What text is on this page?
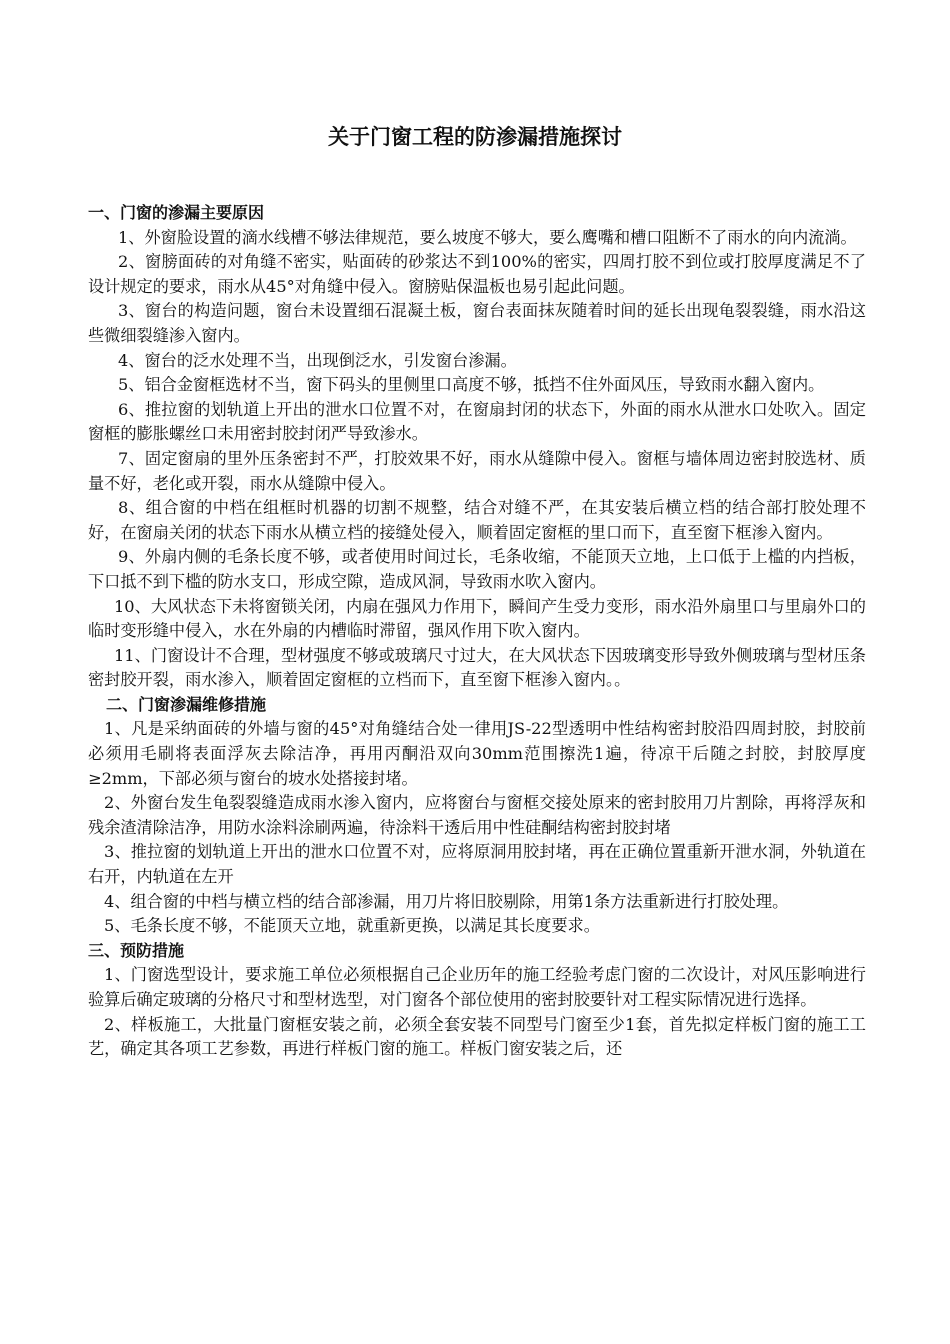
关于门窗工程的防渗漏措施探讨
一、门窗的渗漏主要原因

1、外窗脸设置的滴水线槽不够法律规范，要么坡度不够大，要么鹰嘴和槽口阻断不了雨水的向内流淌。

2、窗膀面砖的对角缝不密实，贴面砖的砂浆达不到100%的密实，四周打胶不到位或打胶厚度满足不了设计规定的要求，雨水从45°对角缝中侵入。窗膀贴保温板也易引起此问题。

3、窗台的构造问题，窗台未设置细石混凝土板，窗台表面抹灰随着时间的延长出现龟裂裂缝，雨水沿这些微细裂缝渗入窗内。

4、窗台的泛水处理不当，出现倒泛水，引发窗台渗漏。

5、铝合金窗框选材不当，窗下码头的里侧里口高度不够，抵挡不住外面风压，导致雨水翻入窗内。

6、推拉窗的划轨道上开出的泄水口位置不对，在窗扇封闭的状态下，外面的雨水从泄水口处吹入。固定窗框的膨胀螺丝口未用密封胶封闭严导致渗水。

7、固定窗扇的里外压条密封不严，打胶效果不好，雨水从缝隙中侵入。窗框与墙体周边密封胶选材、质量不好，老化或开裂，雨水从缝隙中侵入。

8、组合窗的中档在组框时机器的切割不规整，结合对缝不严，在其安装后横立档的结合部打胶处理不好，在窗扇关闭的状态下雨水从横立档的接缝处侵入，顺着固定窗框的里口而下，直至窗下框渗入窗内。

9、外扇内侧的毛条长度不够，或者使用时间过长，毛条收缩，不能顶天立地，上口低于上槛的内挡板，下口抵不到下槛的防水支口，形成空隙，造成风洞，导致雨水吹入窗内。

10、大风状态下未将窗锁关闭，内扇在强风力作用下，瞬间产生受力变形，雨水沿外扇里口与里扇外口的临时变形缝中侵入，水在外扇的内槽临时滞留，强风作用下吹入窗内。

11、门窗设计不合理，型材强度不够或玻璃尺寸过大，在大风状态下因玻璃变形导致外侧玻璃与型材压条密封胶开裂，雨水渗入，顺着固定窗框的立档而下，直至窗下框渗入窗内。。

二、门窗渗漏维修措施

1、凡是采纳面砖的外墙与窗的45°对角缝结合处一律用JS-22型透明中性结构密封胶沿四周封胶，封胶前必须用毛刷将表面浮灰去除洁净，再用丙酮沿双向30mm范围擦洗1遍，待凉干后随之封胶，封胶厚度≥2mm，下部必须与窗台的坡水处搭接封堵。

2、外窗台发生龟裂裂缝造成雨水渗入窗内，应将窗台与窗框交接处原来的密封胶用刀片割除，再将浮灰和残余渣清除洁净，用防水涂料涂刷两遍，待涂料干透后用中性硅酮结构密封胶封堵

3、推拉窗的划轨道上开出的泄水口位置不对，应将原洞用胶封堵，再在正确位置重新开泄水洞，外轨道在右开，内轨道在左开

4、组合窗的中档与横立档的结合部渗漏，用刀片将旧胶剔除，用第1条方法重新进行打胶处理。

5、毛条长度不够，不能顶天立地，就重新更换，以满足其长度要求。

三、预防措施

1、门窗选型设计，要求施工单位必须根据自己企业历年的施工经验考虑门窗的二次设计，对风压影响进行验算后确定玻璃的分格尺寸和型材选型，对门窗各个部位使用的密封胶要针对工程实际情况进行选择。

2、样板施工，大批量门窗框安装之前，必须全套安装不同型号门窗至少1套，首先拟定样板门窗的施工工艺，确定其各项工艺参数，再进行样板门窗的施工。样板门窗安装之后，还
